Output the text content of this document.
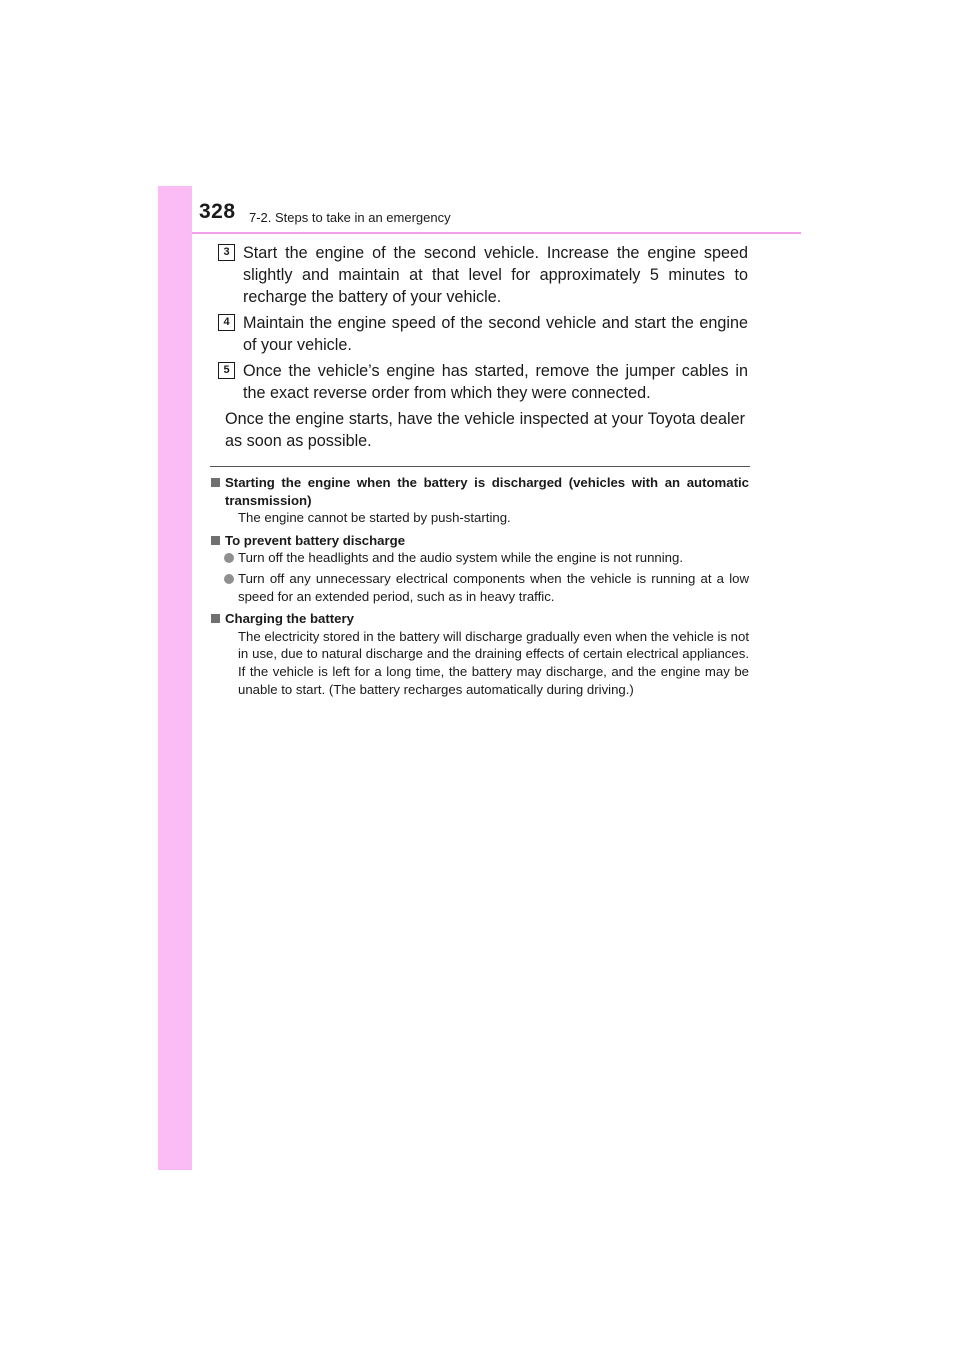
328 7-2. Steps to take in an emergency
3 Start the engine of the second vehicle. Increase the engine speed slightly and maintain at that level for approximately 5 minutes to recharge the battery of your vehicle.
4 Maintain the engine speed of the second vehicle and start the engine of your vehicle.
5 Once the vehicle’s engine has started, remove the jumper cables in the exact reverse order from which they were connected.
Once the engine starts, have the vehicle inspected at your Toyota dealer as soon as possible.
Starting the engine when the battery is discharged (vehicles with an automatic transmission)
The engine cannot be started by push-starting.
To prevent battery discharge
Turn off the headlights and the audio system while the engine is not running.
Turn off any unnecessary electrical components when the vehicle is running at a low speed for an extended period, such as in heavy traffic.
Charging the battery
The electricity stored in the battery will discharge gradually even when the vehicle is not in use, due to natural discharge and the draining effects of certain electrical appliances. If the vehicle is left for a long time, the battery may discharge, and the engine may be unable to start. (The battery recharges automatically during driving.)
